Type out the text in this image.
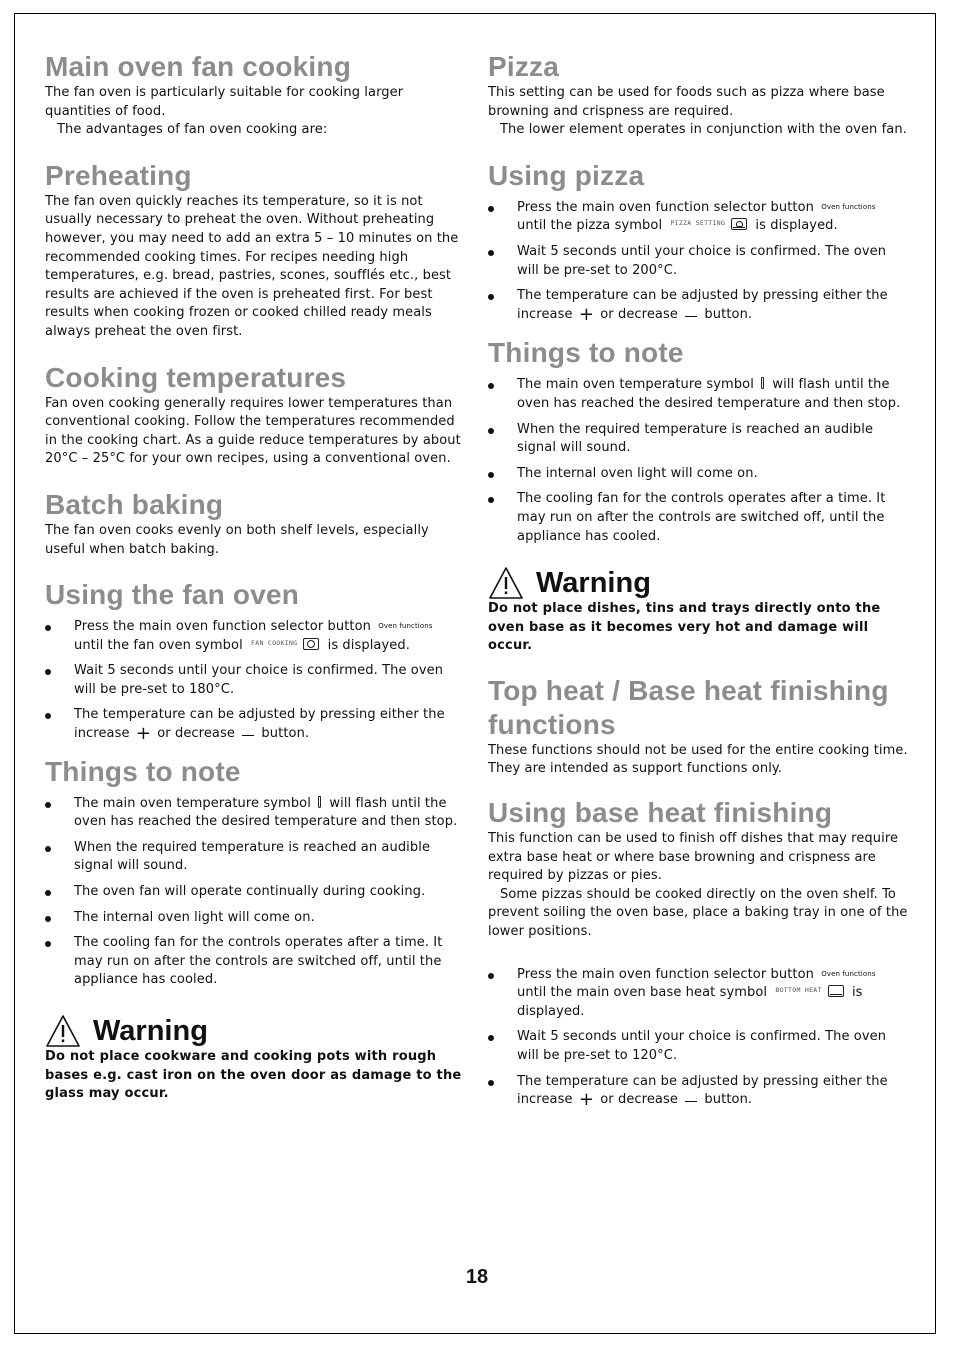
Main oven fan cooking

The fan oven is particularly suitable for cooking larger quantities of food.

The advantages of fan oven cooking are:

Preheating

The fan oven quickly reaches its temperature, so it is not usually necessary to preheat the oven. Without preheating however, you may need to add an extra 5 – 10 minutes on the recommended cooking times. For recipes needing high temperatures, e.g. bread, pastries, scones, soufflés etc., best results are achieved if the oven is preheated first. For best results when cooking frozen or cooked chilled ready meals always preheat the oven first.

Cooking temperatures

Fan oven cooking generally requires lower temperatures than conventional cooking. Follow the temperatures recommended in the cooking chart. As a guide reduce temperatures by about 20°C – 25°C for your own recipes, using a conventional oven.

Batch baking

The fan oven cooks evenly on both shelf levels, especially useful when batch baking.

Using the fan oven
Press the main oven function selector button Oven functions until the fan oven symbol FAN COOKING
is displayed.
Wait 5 seconds until your choice is confirmed. The oven will be pre-set to 180°C.
The temperature can be adjusted by pressing either the increase + or decrease  button.
Things to note
The main oven temperature symbol  will flash until the oven has reached the desired temperature and then stop.
When the required temperature is reached an audible signal will sound.
The oven fan will operate continually during cooking.
The internal oven light will come on.
The cooling fan for the controls operates after a time. It may run on after the controls are switched off, until the appliance has cooled.
Warning

Do not place cookware and cooking pots with rough bases e.g. cast iron on the oven door as damage to the glass may occur.

Pizza

This setting can be used for foods such as pizza where base browning and crispness are required.

The lower element operates in conjunction with the oven fan.

Using pizza
Press the main oven function selector button Oven functions until the pizza symbol PIZZA SETTING
is displayed.
Wait 5 seconds until your choice is confirmed. The oven will be pre-set to 200°C.
The temperature can be adjusted by pressing either the increase + or decrease  button.
Things to note
The main oven temperature symbol  will flash until the oven has reached the desired temperature and then stop.
When the required temperature is reached an audible signal will sound.
The internal oven light will come on.
The cooling fan for the controls operates after a time. It may run on after the controls are switched off, until the appliance has cooled.
Warning

Do not place dishes, tins and trays directly onto the oven base as it becomes very hot and damage will occur.

Top heat / Base heat finishing functions

These functions should not be used for the entire cooking time. They are intended as support functions only.

Using base heat finishing

This function can be used to finish off dishes that may require extra base heat or where base browning and crispness are required by pizzas or pies.

Some pizzas should be cooked directly on the oven shelf. To prevent soiling the oven base, place a baking tray in one of the lower positions.

Press the main oven function selector button Oven functions until the main oven base heat symbol BOTTOM HEAT
is displayed.
Wait 5 seconds until your choice is confirmed. The oven will be pre-set to 120°C.
The temperature can be adjusted by pressing either the increase + or decrease  button.
18
